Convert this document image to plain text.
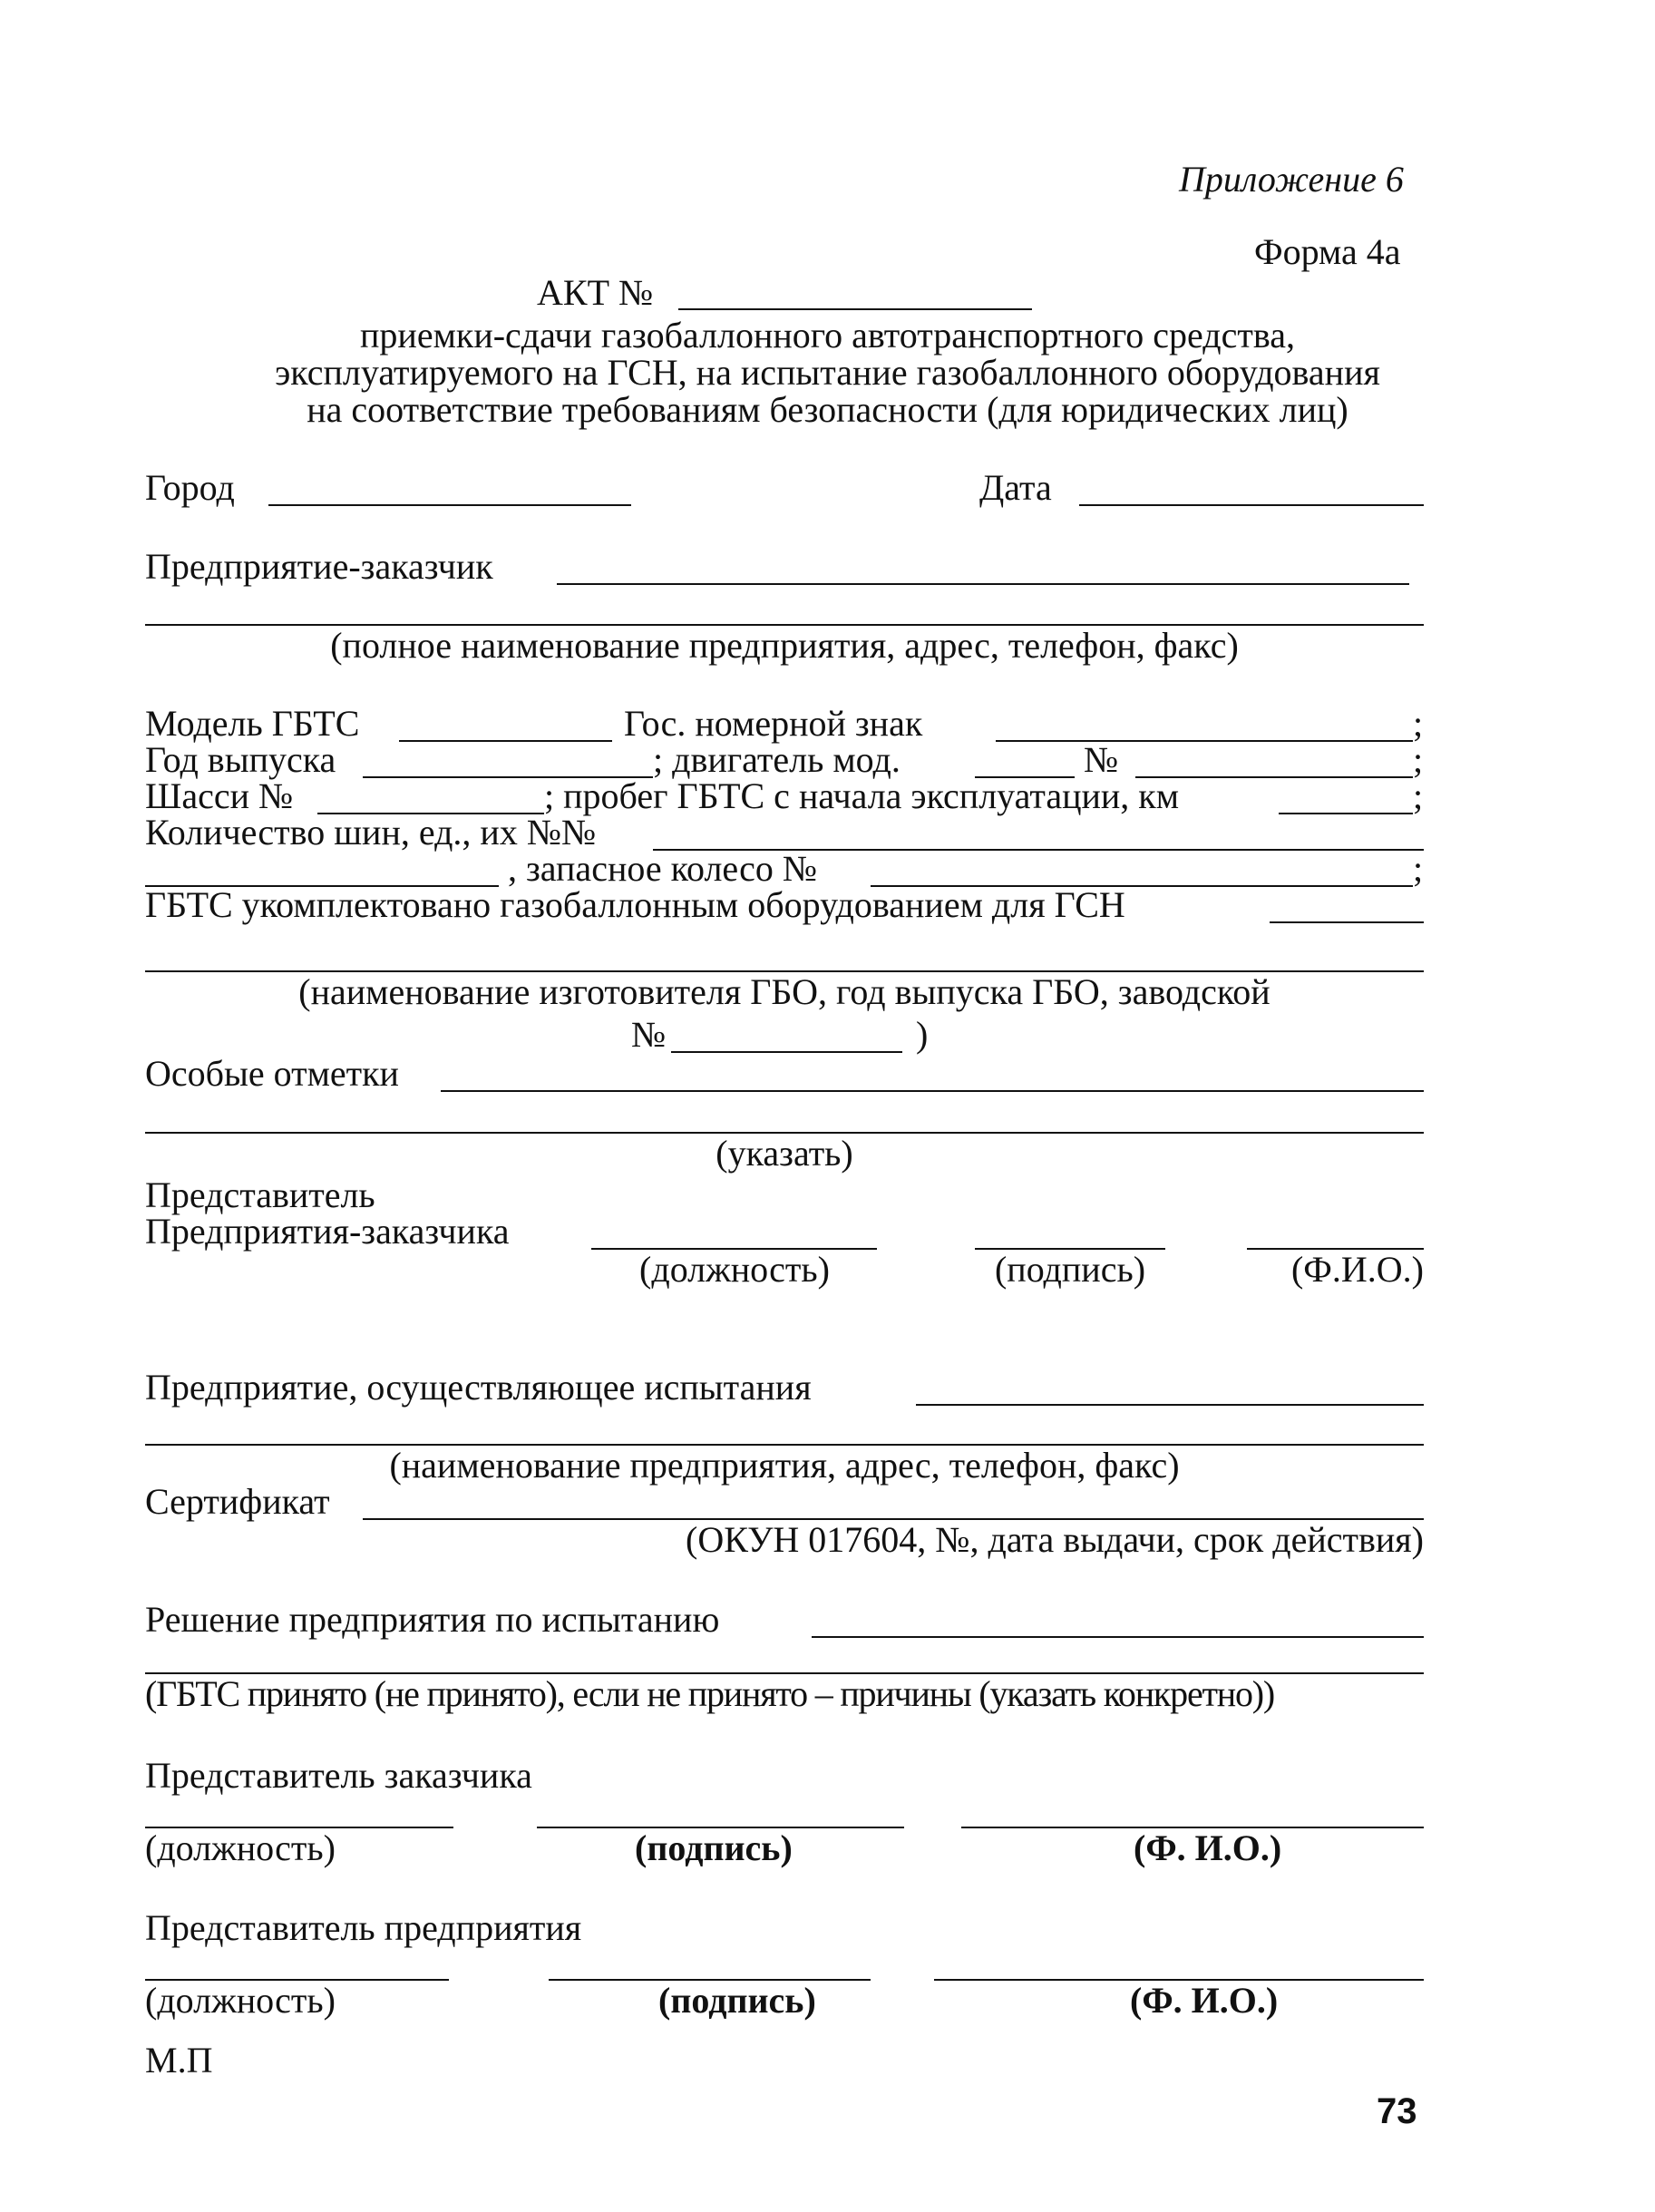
Приложение 6
Форма 4а
АКТ №
приемки-сдачи газобаллонного автотранспортного средства,
эксплуатируемого на ГСН, на испытание газобаллонного оборудования
на соответствие требованиям безопасности (для юридических лиц)
Город	Дата
Предприятие-заказчик
(полное наименование предприятия, адрес, телефон, факс)
Модель ГБТС	Гос. номерной знак	;
Год выпуска	; двигатель мод.	№	;
Шасси №	; пробег ГБТС с начала эксплуатации, км	;
Количество шин, ед., их №№
, запасное колесо №	;
ГБТС укомплектовано газобаллонным оборудованием для ГСН
(наименование изготовителя ГБО, год выпуска ГБО, заводской
№	)
Особые отметки
(указать)
Представитель
Предприятия-заказчика
(должность)	(подпись)	(Ф.И.О.)
Предприятие, осуществляющее испытания
(наименование предприятия, адрес, телефон, факс)
Сертификат
(ОКУН 017604, №, дата выдачи, срок действия)
Решение предприятия по испытанию
(ГБТС принято (не принято), если не принято – причины (указать конкретно))
Представитель заказчика
(должность)	(подпись)	(Ф. И.О.)
Представитель предприятия
(должность)	(подпись)	(Ф. И.О.)
М.П
73
